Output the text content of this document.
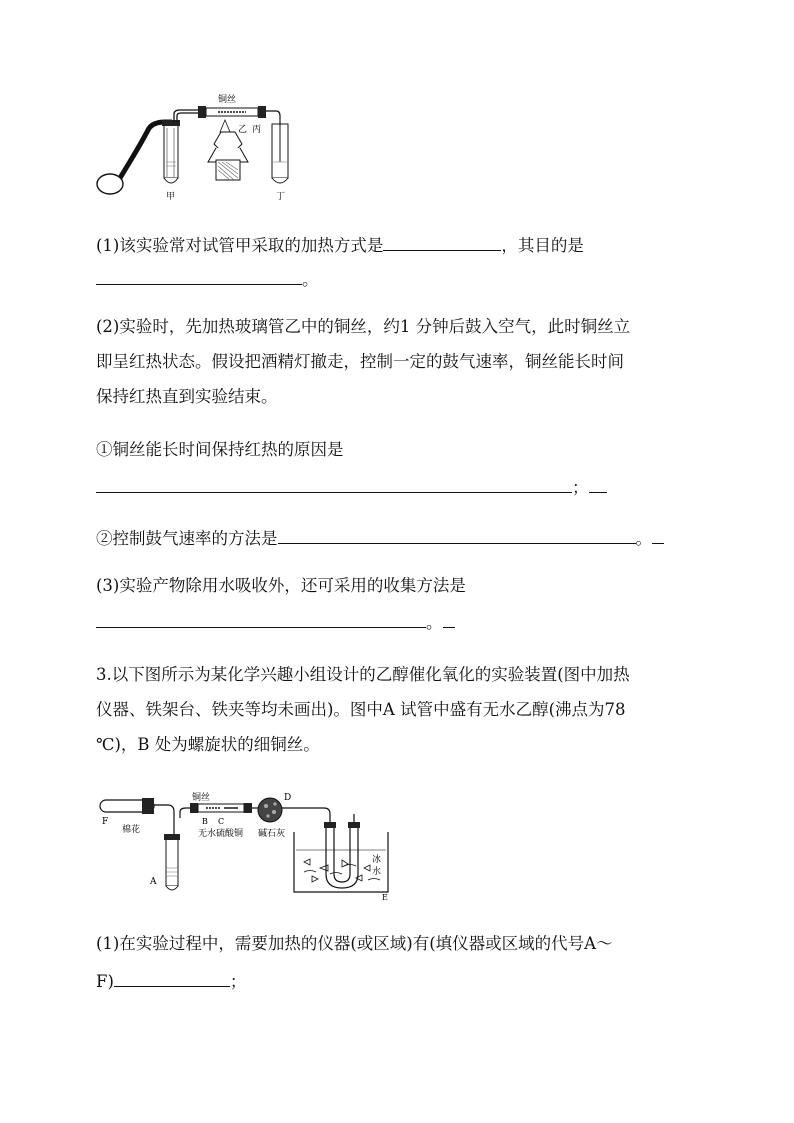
铜丝
乙 丙
甲	丁
(1)该实验常对试管甲采取的加热方式是	，其目的是
。
(2)实验时，先加热玻璃管乙中的铜丝，约1 分钟后鼓入空气，此时铜丝立
即呈红热状态。假设把酒精灯撤走，控制一定的鼓气速率，铜丝能长时间
保持红热直到实验结束。
①铜丝能长时间保持红热的原因是
；
②控制鼓气速率的方法是	。
(3)实验产物除用水吸收外，还可采用的收集方法是
。
3.以下图所示为某化学兴趣小组设计的乙醇催化氧化的实验装置(图中加热
仪器、铁架台、铁夹等均未画出)。图中A 试管中盛有无水乙醇(沸点为78
℃)，B 处为螺旋状的细铜丝。
F
棉花
A
铜丝
B C
无水硫酸铜
D
碱石灰
冰
水
E
(1)在实验过程中，需要加热的仪器(或区域)有(填仪器或区域的代号A～
F)	；
